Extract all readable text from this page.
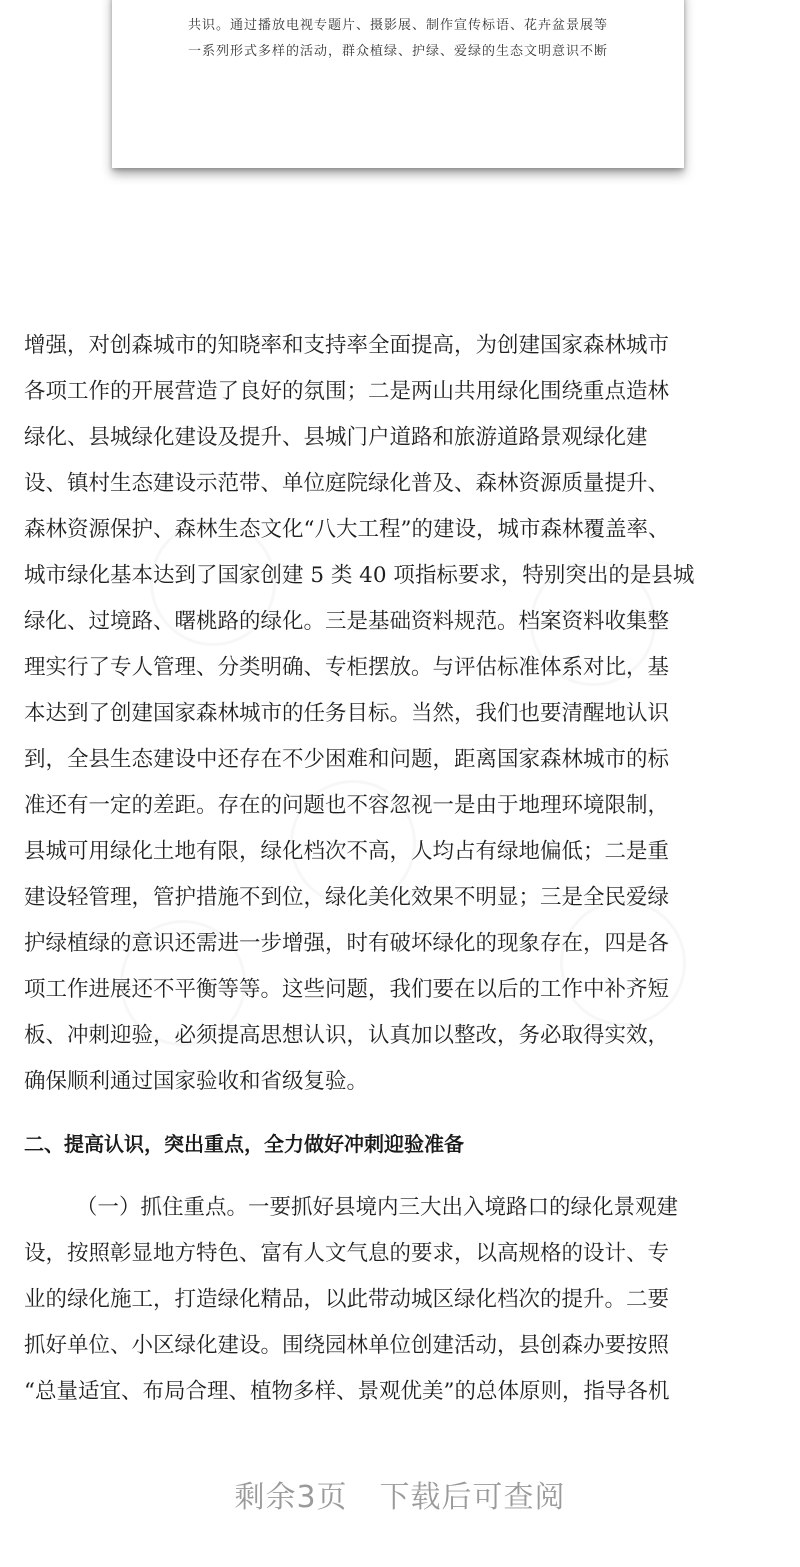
共识。通过播放电视专题片、摄影展、制作宣传标语、花卉盆景展等
一系列形式多样的活动，群众植绿、护绿、爱绿的生态文明意识不断
增强，对创森城市的知晓率和支持率全面提高，为创建国家森林城市
各项工作的开展营造了良好的氛围；二是两山共用绿化围绕重点造林
绿化、县城绿化建设及提升、县城门户道路和旅游道路景观绿化建
设、镇村生态建设示范带、单位庭院绿化普及、森林资源质量提升、
森林资源保护、森林生态文化“八大工程”的建设，城市森林覆盖率、
城市绿化基本达到了国家创建 5 类 40 项指标要求，特别突出的是县城
绿化、过境路、曙桃路的绿化。三是基础资料规范。档案资料收集整
理实行了专人管理、分类明确、专柜摆放。与评估标准体系对比，基
本达到了创建国家森林城市的任务目标。当然，我们也要清醒地认识
到，全县生态建设中还存在不少困难和问题，距离国家森林城市的标
准还有一定的差距。存在的问题也不容忽视一是由于地理环境限制，
县城可用绿化土地有限，绿化档次不高，人均占有绿地偏低；二是重
建设轻管理，管护措施不到位，绿化美化效果不明显；三是全民爱绿
护绿植绿的意识还需进一步增强，时有破坏绿化的现象存在，四是各
项工作进展还不平衡等等。这些问题，我们要在以后的工作中补齐短
板、冲刺迎验，必须提高思想认识，认真加以整改，务必取得实效，
确保顺利通过国家验收和省级复验。
二、提高认识，突出重点，全力做好冲刺迎验准备
（一）抓住重点。一要抓好县境内三大出入境路口的绿化景观建
设，按照彰显地方特色、富有人文气息的要求，以高规格的设计、专
业的绿化施工，打造绿化精品，以此带动城区绿化档次的提升。二要
抓好单位、小区绿化建设。围绕园林单位创建活动，县创森办要按照
“总量适宜、布局合理、植物多样、景观优美”的总体原则，指导各机
剩余3页 下载后可查阅
